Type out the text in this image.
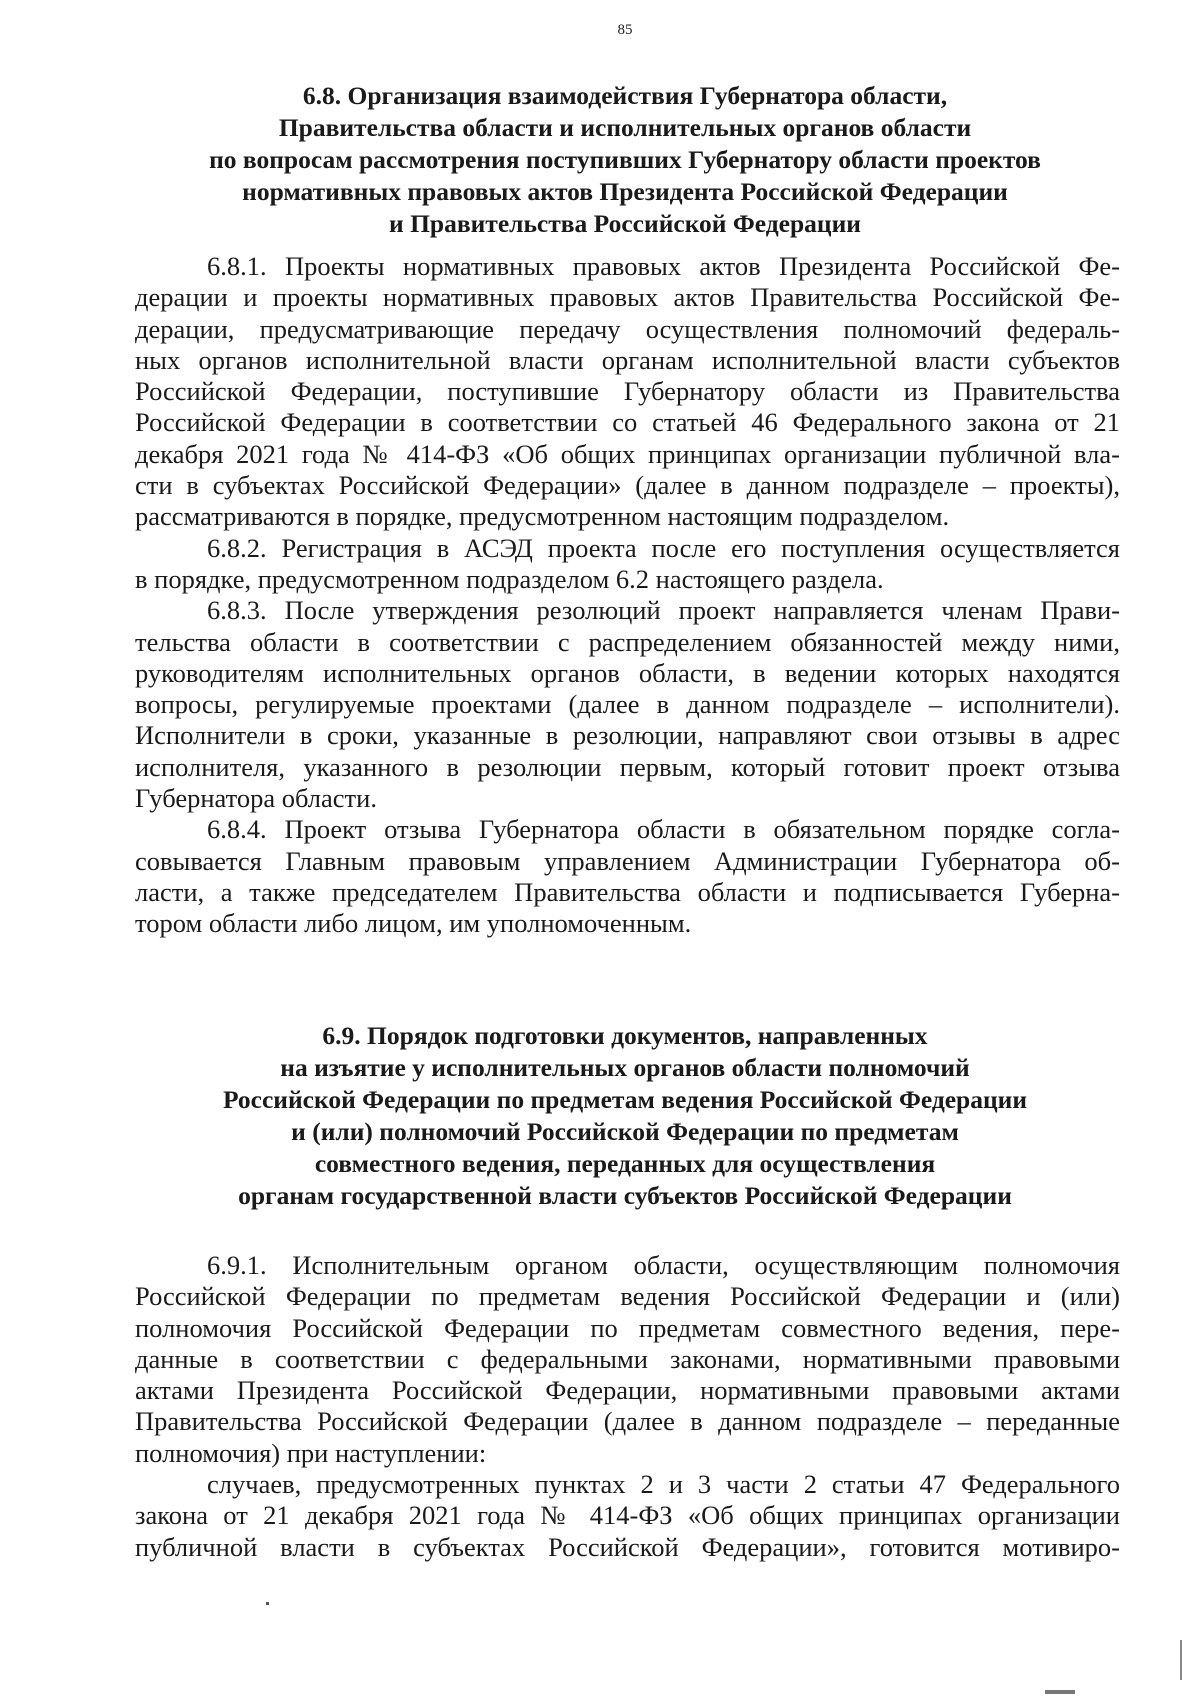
85
6.8. Организация взаимодействия Губернатора области,
Правительства области и исполнительных органов области
по вопросам рассмотрения поступивших Губернатору области проектов
нормативных правовых актов Президента Российской Федерации
и Правительства Российской Федерации
6.8.1. Проекты нормативных правовых актов Президента Российской Фе-
дерации и проекты нормативных правовых актов Правительства Российской Фе-
дерации, предусматривающие передачу осуществления полномочий федераль-
ных органов исполнительной власти органам исполнительной власти субъектов
Российской Федерации, поступившие Губернатору области из Правительства
Российской Федерации в соответствии со статьей 46 Федерального закона от 21
декабря 2021 года № 414-ФЗ «Об общих принципах организации публичной вла-
сти в субъектах Российской Федерации» (далее в данном подразделе – проекты),
рассматриваются в порядке, предусмотренном настоящим подразделом.
6.8.2. Регистрация в АСЭД проекта после его поступления осуществляется
в порядке, предусмотренном подразделом 6.2 настоящего раздела.
6.8.3. После утверждения резолюций проект направляется членам Прави-
тельства области в соответствии с распределением обязанностей между ними,
руководителям исполнительных органов области, в ведении которых находятся
вопросы, регулируемые проектами (далее в данном подразделе – исполнители).
Исполнители в сроки, указанные в резолюции, направляют свои отзывы в адрес
исполнителя, указанного в резолюции первым, который готовит проект отзыва
Губернатора области.
6.8.4. Проект отзыва Губернатора области в обязательном порядке согла-
совывается Главным правовым управлением Администрации Губернатора об-
ласти, а также председателем Правительства области и подписывается Губерна-
тором области либо лицом, им уполномоченным.
6.9. Порядок подготовки документов, направленных
на изъятие у исполнительных органов области полномочий
Российской Федерации по предметам ведения Российской Федерации
и (или) полномочий Российской Федерации по предметам
совместного ведения, переданных для осуществления
органам государственной власти субъектов Российской Федерации
6.9.1. Исполнительным органом области, осуществляющим полномочия
Российской Федерации по предметам ведения Российской Федерации и (или)
полномочия Российской Федерации по предметам совместного ведения, пере-
данные в соответствии с федеральными законами, нормативными правовыми
актами Президента Российской Федерации, нормативными правовыми актами
Правительства Российской Федерации (далее в данном подразделе – переданные
полномочия) при наступлении:
случаев, предусмотренных пунктах 2 и 3 части 2 статьи 47 Федерального
закона от 21 декабря 2021 года № 414-ФЗ «Об общих принципах организации
публичной власти в субъектах Российской Федерации», готовится мотивиро-
